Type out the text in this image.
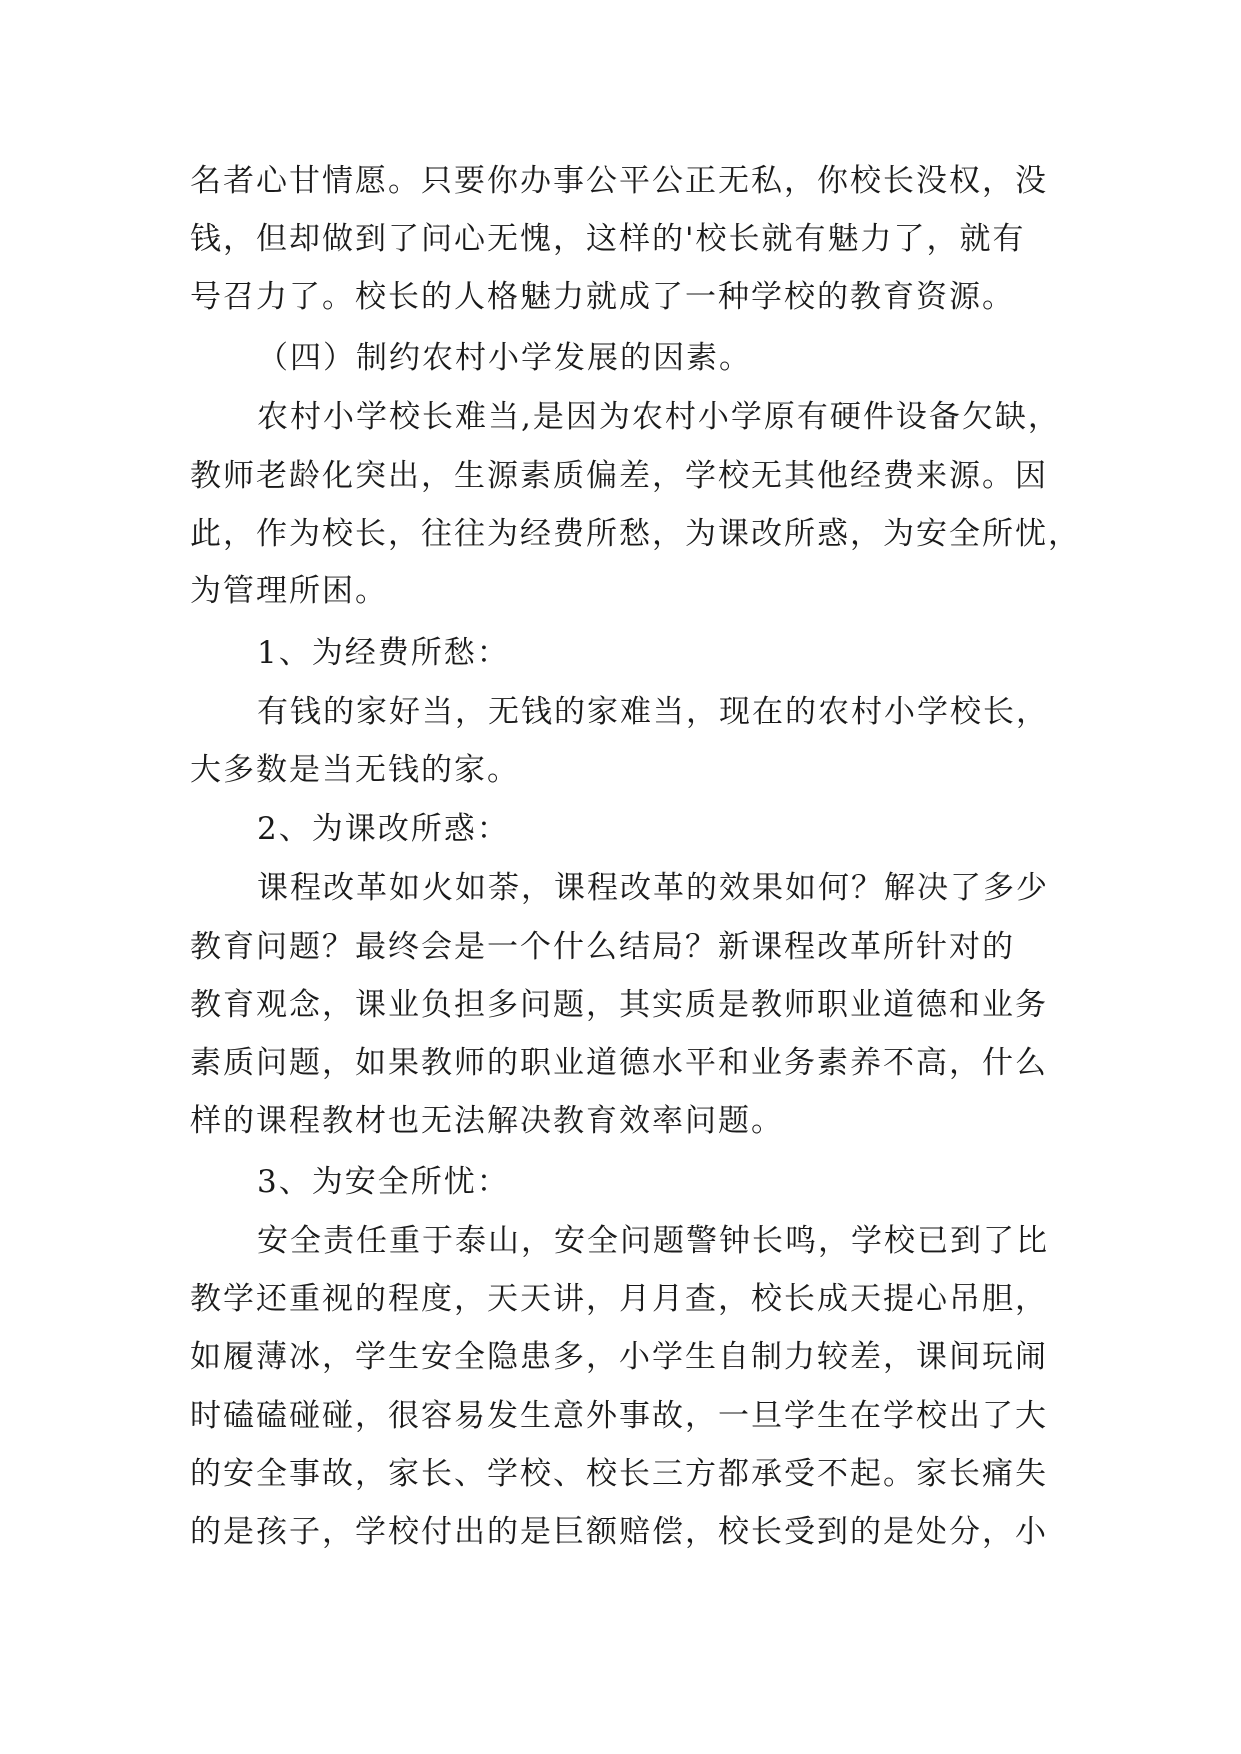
名者心甘情愿。只要你办事公平公正无私，你校长没权，没
钱，但却做到了问心无愧，这样的'校长就有魅力了，就有
号召力了。校长的人格魅力就成了一种学校的教育资源。
（四）制约农村小学发展的因素。
农村小学校长难当,是因为农村小学原有硬件设备欠缺，
教师老龄化突出，生源素质偏差，学校无其他经费来源。因
此，作为校长，往往为经费所愁，为课改所惑，为安全所忧，
为管理所困。
1、为经费所愁：
有钱的家好当，无钱的家难当，现在的农村小学校长，
大多数是当无钱的家。
2、为课改所惑：
课程改革如火如荼，课程改革的效果如何？解决了多少
教育问题？最终会是一个什么结局？新课程改革所针对的
教育观念，课业负担多问题，其实质是教师职业道德和业务
素质问题，如果教师的职业道德水平和业务素养不高，什么
样的课程教材也无法解决教育效率问题。
3、为安全所忧：
安全责任重于泰山，安全问题警钟长鸣，学校已到了比
教学还重视的程度，天天讲，月月查，校长成天提心吊胆，
如履薄冰，学生安全隐患多，小学生自制力较差，课间玩闹
时磕磕碰碰，很容易发生意外事故，一旦学生在学校出了大
的安全事故，家长、学校、校长三方都承受不起。家长痛失
的是孩子，学校付出的是巨额赔偿，校长受到的是处分，小
